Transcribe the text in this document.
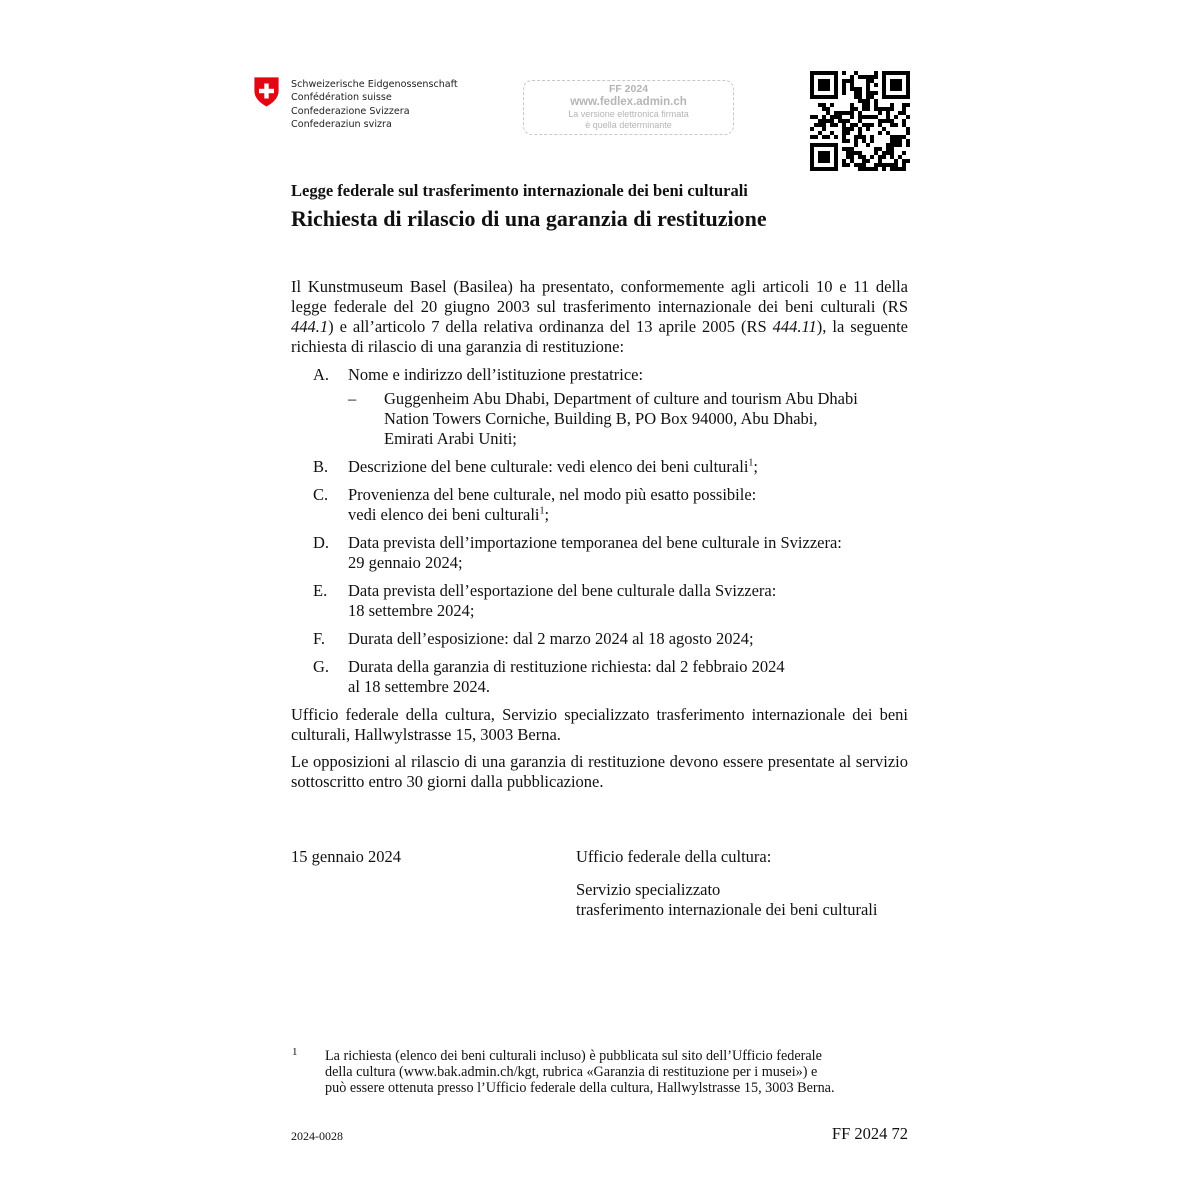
Schweizerische Eidgenossenschaft
Confédération suisse
Confederazione Svizzera
Confederaziun svizra
FF 2024
www.fedlex.admin.ch
La versione elettronica firmata
è quella determinante
Legge federale sul trasferimento internazionale dei beni culturali
Richiesta di rilascio di una garanzia di restituzione

Il Kunstmuseum Basel (Basilea) ha presentato, conformemente agli articoli 10 e 11 della legge federale del 20 giugno 2003 sul trasferimento internazionale dei beni culturali (RS 444.1) e all’articolo 7 della relativa ordinanza del 13 aprile 2005 (RS 444.11), la seguente richiesta di rilascio di una garanzia di restituzione:

A.	Nome e indirizzo dell’istituzione prestatrice:
–	Guggenheim Abu Dhabi, Department of culture and tourism Abu Dhabi
Nation Towers Corniche, Building B, PO Box 94000, Abu Dhabi,
Emirati Arabi Uniti;
B.	Descrizione del bene culturale: vedi elenco dei beni culturali$^1$;
C.	Provenienza del bene culturale, nel modo più esatto possibile:
vedi elenco dei beni culturali$^1$;
D.	Data prevista dell’importazione temporanea del bene culturale in Svizzera:
29 gennaio 2024;
E.	Data prevista dell’esportazione del bene culturale dalla Svizzera:
18 settembre 2024;
F.	Durata dell’esposizione: dal 2 marzo 2024 al 18 agosto 2024;
G.	Durata della garanzia di restituzione richiesta: dal 2 febbraio 2024
al 18 settembre 2024.

Ufficio federale della cultura, Servizio specializzato trasferimento internazionale dei beni culturali, Hallwylstrasse 15, 3003 Berna.

Le opposizioni al rilascio di una garanzia di restituzione devono essere presentate al servizio sottoscritto entro 30 giorni dalla pubblicazione.

15 gennaio 2024	Ufficio federale della cultura:
Servizio specializzato
trasferimento internazionale dei beni culturali
1 La richiesta (elenco dei beni culturali incluso) è pubblicata sul sito dell’Ufficio federale
della cultura (www.bak.admin.ch/kgt, rubrica «Garanzia di restituzione per i musei») e
può essere ottenuta presso l’Ufficio federale della cultura, Hallwylstrasse 15, 3003 Berna.
2024-0028	FF 2024 72
